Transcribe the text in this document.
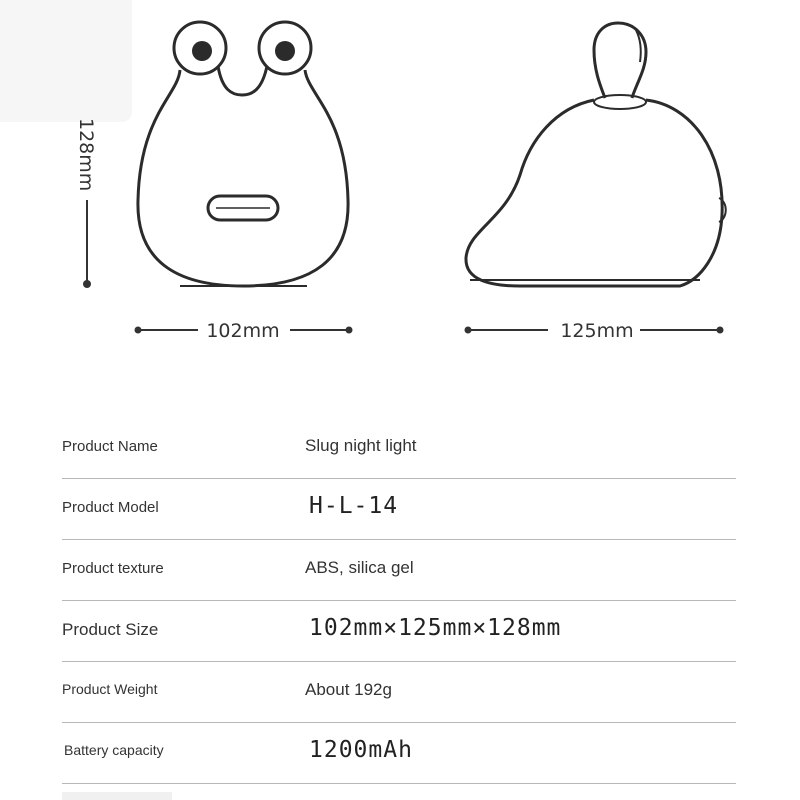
128mm
102mm	125mm
Product Name	Slug night light
Product Model	H-L-14
Product texture	ABS, silica gel
Product Size	102mm×125mm×128mm
Product Weight	About 192g
Battery capacity	1200mAh
